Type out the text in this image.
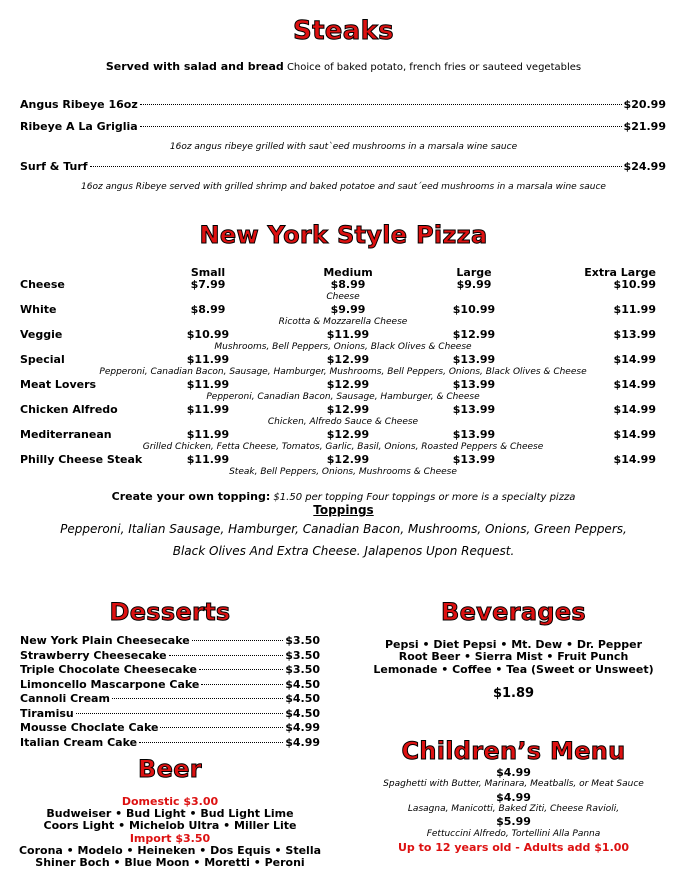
Steaks
Served with salad and bread Choice of baked potato, french fries or sauteed vegetables
Angus Ribeye 16oz	$20.99
Ribeye A La Griglia	$21.99
16oz angus ribeye grilled with saut`eed mushrooms in a marsala wine sauce
Surf & Turf	$24.99
16oz angus Ribeye served with grilled shrimp and baked potatoe and saut´eed mushrooms in a marsala wine sauce
New York Style Pizza
Small	Medium	Large	Extra Large
Cheese	$7.99	$8.99	$9.99	$10.99
Cheese
White	$8.99	$9.99	$10.99	$11.99
Ricotta & Mozzarella Cheese
Veggie	$10.99	$11.99	$12.99	$13.99
Mushrooms, Bell Peppers, Onions, Black Olives & Cheese
Special	$11.99	$12.99	$13.99	$14.99
Pepperoni, Canadian Bacon, Sausage, Hamburger, Mushrooms, Bell Peppers, Onions, Black Olives & Cheese
Meat Lovers	$11.99	$12.99	$13.99	$14.99
Pepperoni, Canadian Bacon, Sausage, Hamburger, & Cheese
Chicken Alfredo	$11.99	$12.99	$13.99	$14.99
Chicken, Alfredo Sauce & Cheese
Mediterranean	$11.99	$12.99	$13.99	$14.99
Grilled Chicken, Fetta Cheese, Tomatos, Garlic, Basil, Onions, Roasted Peppers & Cheese
Philly Cheese Steak	$11.99	$12.99	$13.99	$14.99
Steak, Bell Peppers, Onions, Mushrooms & Cheese
Create your own topping: $1.50 per topping Four toppings or more is a specialty pizza
Toppings
Pepperoni, Italian Sausage, Hamburger, Canadian Bacon, Mushrooms, Onions, Green Peppers,
Black Olives And Extra Cheese. Jalapenos Upon Request.
Desserts
New York Plain Cheesecake	$3.50
Strawberry Cheesecake	$3.50
Triple Chocolate Cheesecake	$3.50
Limoncello Mascarpone Cake	$4.50
Cannoli Cream	$4.50
Tiramisu	$4.50
Mousse Choclate Cake	$4.99
Italian Cream Cake	$4.99
Beverages
Pepsi • Diet Pepsi • Mt. Dew • Dr. Pepper
Root Beer • Sierra Mist • Fruit Punch
Lemonade • Coffee • Tea (Sweet or Unsweet)
$1.89
Beer
Domestic $3.00
Budweiser • Bud Light • Bud Light Lime
Coors Light • Michelob Ultra • Miller Lite
Import $3.50
Corona • Modelo • Heineken • Dos Equis • Stella
Shiner Boch • Blue Moon • Moretti • Peroni
Children’s Menu
$4.99
Spaghetti with Butter, Marinara, Meatballs, or Meat Sauce
$4.99
Lasagna, Manicotti, Baked Ziti, Cheese Ravioli,
$5.99
Fettuccini Alfredo, Tortellini Alla Panna
Up to 12 years old - Adults add $1.00
